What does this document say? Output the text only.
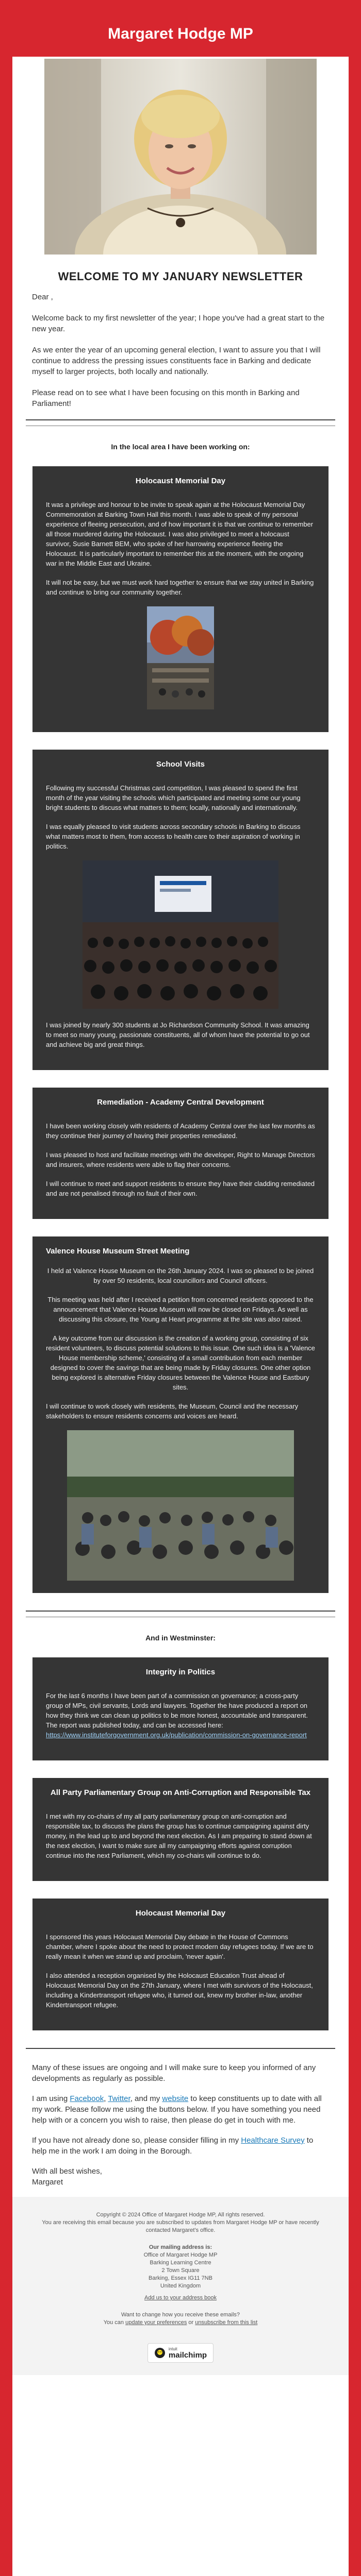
Margaret Hodge MP
WELCOME TO MY JANUARY NEWSLETTER

Dear ,

Welcome back to my first newsletter of the year; I hope you've had a great start to the new year.

As we enter the year of an upcoming general election, I want to assure you that I will continue to address the pressing issues constituents face in Barking and dedicate myself to larger projects, both locally and nationally.

Please read on to see what I have been focusing on this month in Barking and Parliament!

In the local area I have been working on:
Holocaust Memorial Day

It was a privilege and honour to be invite to speak again at the Holocaust Memorial Day Commemoration at Barking Town Hall this month. I was able to speak of my personal experience of fleeing persecution, and of how important it is that we continue to remember all those murdered during the Holocaust. I was also privileged to meet a holocaust survivor, Susie Barnett BEM, who spoke of her harrowing experience fleeing the Holocaust. It is particularly important to remember this at the moment, with the ongoing war in the Middle East and Ukraine.

It will not be easy, but we must work hard together to ensure that we stay united in Barking and continue to bring our community together.

School Visits

Following my successful Christmas card competition, I was pleased to spend the first month of the year visiting the schools which participated and meeting some our young bright students to discuss what matters to them; locally, nationally and internationally.

I was equally pleased to visit students across secondary schools in Barking to discuss what matters most to them, from access to health care to their aspiration of working in politics.

I was joined by nearly 300 students at Jo Richardson Community School. It was amazing to meet so many young, passionate constituents, all of whom have the potential to go out and achieve big and great things.

Remediation - Academy Central Development

I have been working closely with residents of Academy Central over the last few months as they continue their journey of having their properties remediated.

I was pleased to host and facilitate meetings with the developer, Right to Manage Directors and insurers, where residents were able to flag their concerns.

I will continue to meet and support residents to ensure they have their cladding remediated and are not penalised through no fault of their own.

Valence House Museum Street Meeting

I held at Valence House Museum on the 26th January 2024. I was so pleased to be joined by over 50 residents, local councillors and Council officers.

This meeting was held after I received a petition from concerned residents opposed to the announcement that Valence House Museum will now be closed on Fridays. As well as discussing this closure, the Young at Heart programme at the site was also raised.

A key outcome from our discussion is the creation of a working group, consisting of six resident volunteers, to discuss potential solutions to this issue. One such idea is a 'Valence House membership scheme,' consisting of a small contribution from each member designed to cover the savings that are being made by Friday closures. One other option being explored is alternative Friday closures between the Valence House and Eastbury sites.

I will continue to work closely with residents, the Museum, Council and the necessary stakeholders to ensure residents concerns and voices are heard.

And in Westminster:
Integrity in Politics

For the last 6 months I have been part of a commission on governance; a cross-party group of MPs, civil servants, Lords and lawyers. Together the have produced a report on how they think we can clean up politics to be more honest, accountable and transparent. The report was published today, and can be accessed here: https://www.instituteforgovernment.org.uk/publication/commission-on-governance-report

All Party Parliamentary Group on Anti-Corruption and Responsible Tax

I met with my co-chairs of my all party parliamentary group on anti-corruption and responsible tax, to discuss the plans the group has to continue campaigning against dirty money, in the lead up to and beyond the next election. As I am preparing to stand down at the next election, I want to make sure all my campaigning efforts against corruption continue into the next Parliament, which my co-chairs will continue to do.

Holocaust Memorial Day

I sponsored this years Holocaust Memorial Day debate in the House of Commons chamber, where I spoke about the need to protect modern day refugees today. If we are to really mean it when we stand up and proclaim, 'never again'.

I also attended a reception organised by the Holocaust Education Trust ahead of Holocaust Memorial Day on the 27th January, where I met with survivors of the Holocaust, including a Kindertransport refugee who, it turned out, knew my brother in-law, another Kindertransport refugee.

Many of these issues are ongoing and I will make sure to keep you informed of any developments as regularly as possible.

I am using Facebook, Twitter, and my website to keep constituents up to date with all my work. Please follow me using the buttons below. If you have something you need help with or a concern you wish to raise, then please do get in touch with me.

If you have not already done so, please consider filling in my Healthcare Survey to help me in the work I am doing in the Borough.

With all best wishes,

Margaret

Copyright © 2024 Office of Margaret Hodge MP, All rights reserved.

You are receiving this email because you are subscribed to updates from Margaret Hodge MP or have recently contacted Margaret's office.

Our mailing address is:

Office of Margaret Hodge MP

Barking Learning Centre

2 Town Square

Barking, Essex IG11 7NB

United Kingdom

Add us to your address book

Want to change how you receive these emails?

You can update your preferences or unsubscribe from this list

intuit
mailchimp
